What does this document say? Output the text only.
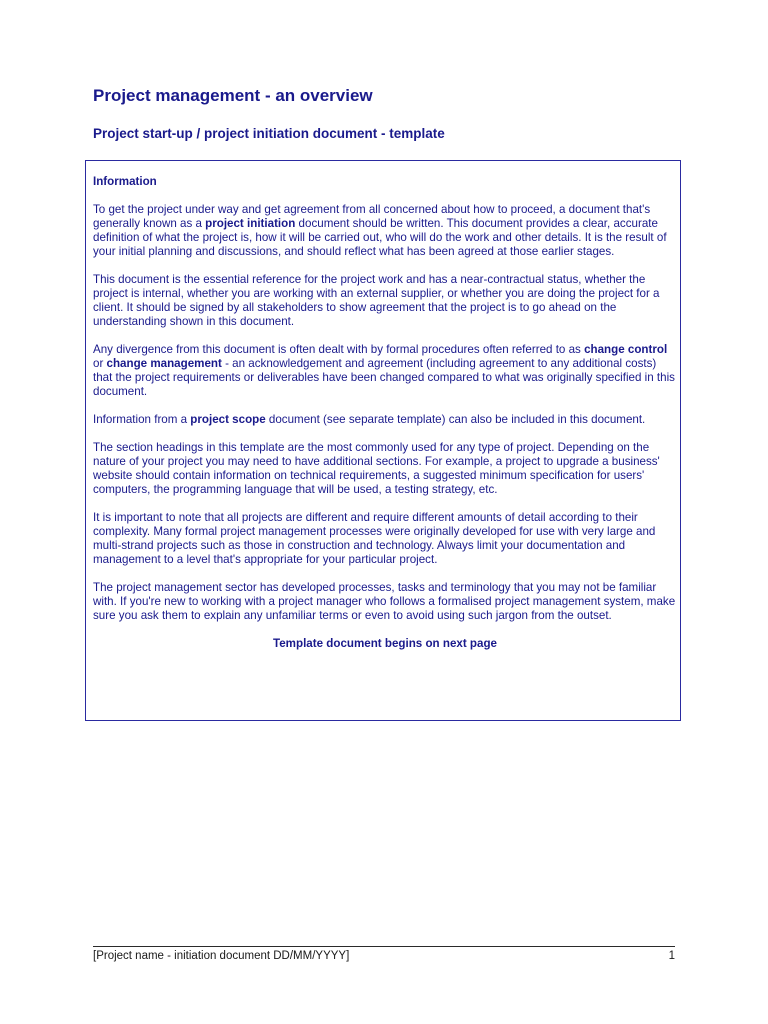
Project management - an overview
Project start-up / project initiation document - template
Information

To get the project under way and get agreement from all concerned about how to proceed, a document that's generally known as a project initiation document should be written. This document provides a clear, accurate definition of what the project is, how it will be carried out, who will do the work and other details. It is the result of your initial planning and discussions, and should reflect what has been agreed at those earlier stages.

This document is the essential reference for the project work and has a near-contractual status, whether the project is internal, whether you are working with an external supplier, or whether you are doing the project for a client. It should be signed by all stakeholders to show agreement that the project is to go ahead on the understanding shown in this document.

Any divergence from this document is often dealt with by formal procedures often referred to as change control or change management - an acknowledgement and agreement (including agreement to any additional costs) that the project requirements or deliverables have been changed compared to what was originally specified in this document.

Information from a project scope document (see separate template) can also be included in this document.

The section headings in this template are the most commonly used for any type of project. Depending on the nature of your project you may need to have additional sections. For example, a project to upgrade a business' website should contain information on technical requirements, a suggested minimum specification for users' computers, the programming language that will be used, a testing strategy, etc.

It is important to note that all projects are different and require different amounts of detail according to their complexity. Many formal project management processes were originally developed for use with very large and multi-strand projects such as those in construction and technology. Always limit your documentation and management to a level that's appropriate for your particular project.

The project management sector has developed processes, tasks and terminology that you may not be familiar with. If you're new to working with a project manager who follows a formalised project management system, make sure you ask them to explain any unfamiliar terms or even to avoid using such jargon from the outset.

Template document begins on next page
[Project name - initiation document DD/MM/YYYY]	1
